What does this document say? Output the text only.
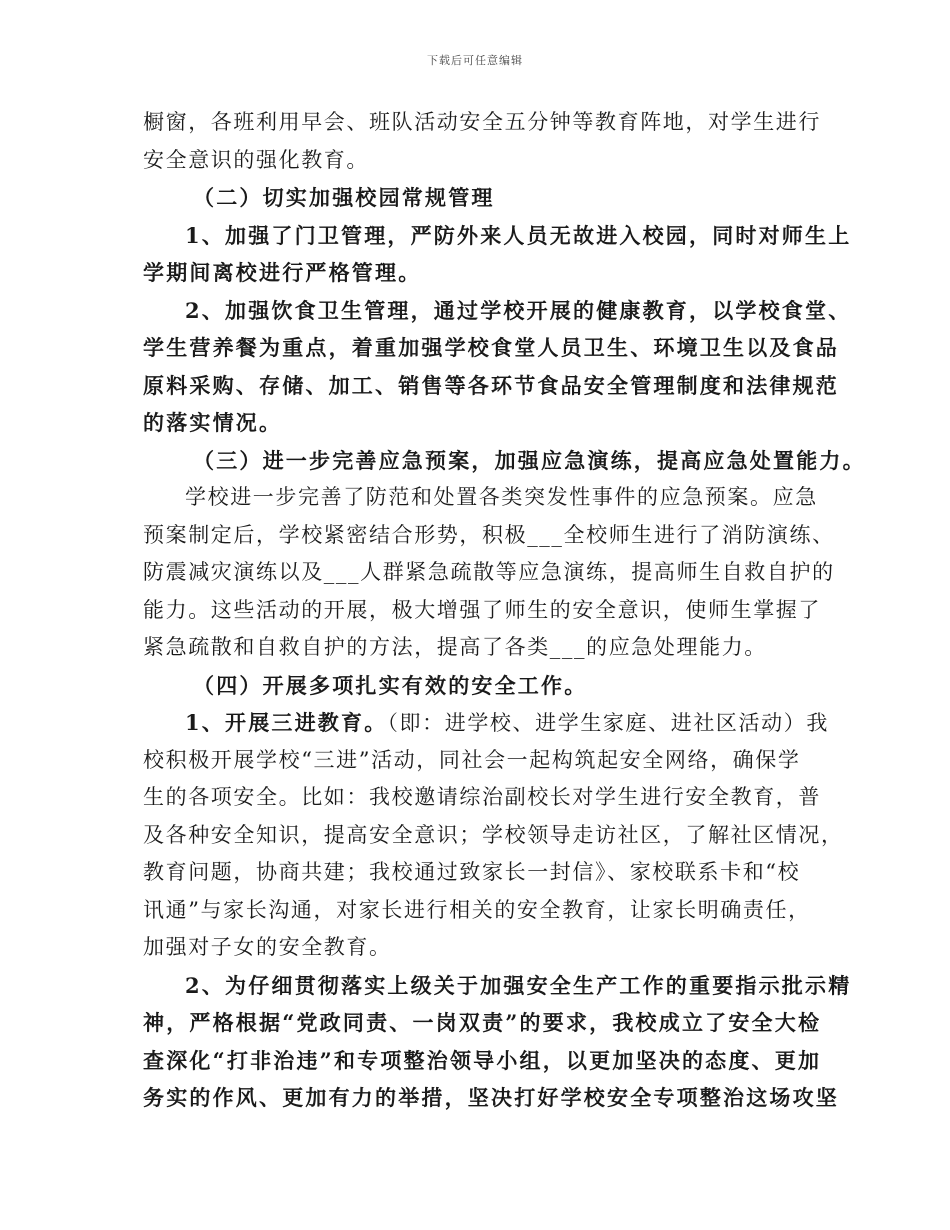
下载后可任意编辑
橱窗，各班利用早会、班队活动安全五分钟等教育阵地，对学生进行
安全意识的强化教育。
（二）切实加强校园常规管理
1、加强了门卫管理，严防外来人员无故进入校园，同时对师生上
学期间离校进行严格管理。
2、加强饮食卫生管理，通过学校开展的健康教育，以学校食堂、
学生营养餐为重点，着重加强学校食堂人员卫生、环境卫生以及食品
原料采购、存储、加工、销售等各环节食品安全管理制度和法律规范
的落实情况。
（三）进一步完善应急预案，加强应急演练，提高应急处置能力。
学校进一步完善了防范和处置各类突发性事件的应急预案。应急
预案制定后，学校紧密结合形势，积极___全校师生进行了消防演练、
防震减灾演练以及___人群紧急疏散等应急演练，提高师生自救自护的
能力。这些活动的开展，极大增强了师生的安全意识，使师生掌握了
紧急疏散和自救自护的方法，提高了各类___的应急处理能力。
（四）开展多项扎实有效的安全工作。
1、开展三进教育。（即：进学校、进学生家庭、进社区活动）我
校积极开展学校“三进”活动，同社会一起构筑起安全网络，确保学
生的各项安全。比如：我校邀请综治副校长对学生进行安全教育，普
及各种安全知识，提高安全意识；学校领导走访社区，了解社区情况，
教育问题，协商共建；我校通过致家长一封信》、家校联系卡和“校
讯通”与家长沟通，对家长进行相关的安全教育，让家长明确责任，
加强对子女的安全教育。
2、为仔细贯彻落实上级关于加强安全生产工作的重要指示批示精
神，严格根据“党政同责、一岗双责”的要求，我校成立了安全大检
查深化“打非治违”和专项整治领导小组，以更加坚决的态度、更加
务实的作风、更加有力的举措，坚决打好学校安全专项整治这场攻坚
